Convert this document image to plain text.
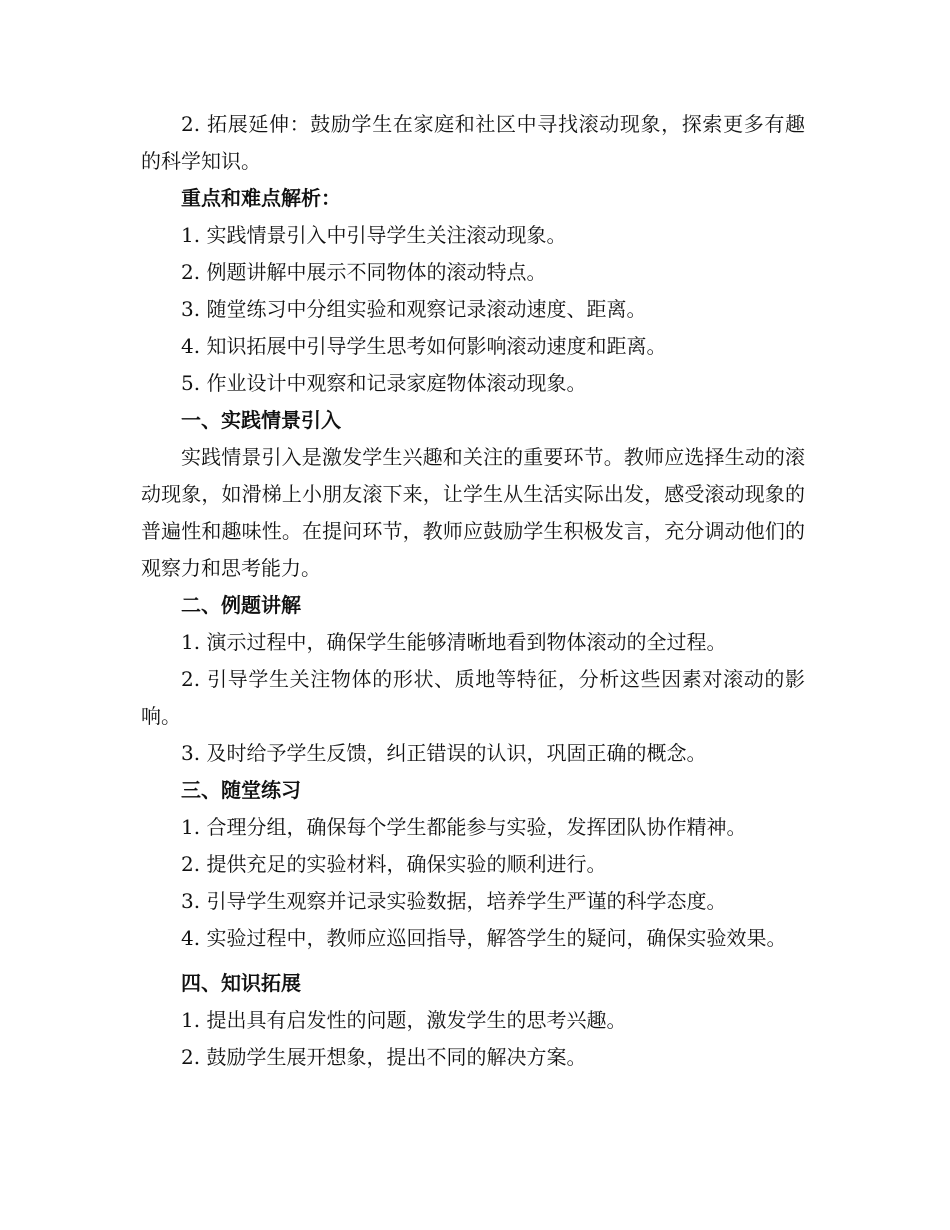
2. 拓展延伸：鼓励学生在家庭和社区中寻找滚动现象，探索更多有趣的科学知识。

重点和难点解析：

1. 实践情景引入中引导学生关注滚动现象。

2. 例题讲解中展示不同物体的滚动特点。

3. 随堂练习中分组实验和观察记录滚动速度、距离。

4. 知识拓展中引导学生思考如何影响滚动速度和距离。

5. 作业设计中观察和记录家庭物体滚动现象。

一、实践情景引入

实践情景引入是激发学生兴趣和关注的重要环节。教师应选择生动的滚动现象，如滑梯上小朋友滚下来，让学生从生活实际出发，感受滚动现象的普遍性和趣味性。在提问环节，教师应鼓励学生积极发言，充分调动他们的观察力和思考能力。

二、例题讲解

1. 演示过程中，确保学生能够清晰地看到物体滚动的全过程。

2. 引导学生关注物体的形状、质地等特征，分析这些因素对滚动的影响。

3. 及时给予学生反馈，纠正错误的认识，巩固正确的概念。

三、随堂练习

1. 合理分组，确保每个学生都能参与实验，发挥团队协作精神。

2. 提供充足的实验材料，确保实验的顺利进行。

3. 引导学生观察并记录实验数据，培养学生严谨的科学态度。

4. 实验过程中，教师应巡回指导，解答学生的疑问，确保实验效果。

四、知识拓展

1. 提出具有启发性的问题，激发学生的思考兴趣。

2. 鼓励学生展开想象，提出不同的解决方案。
